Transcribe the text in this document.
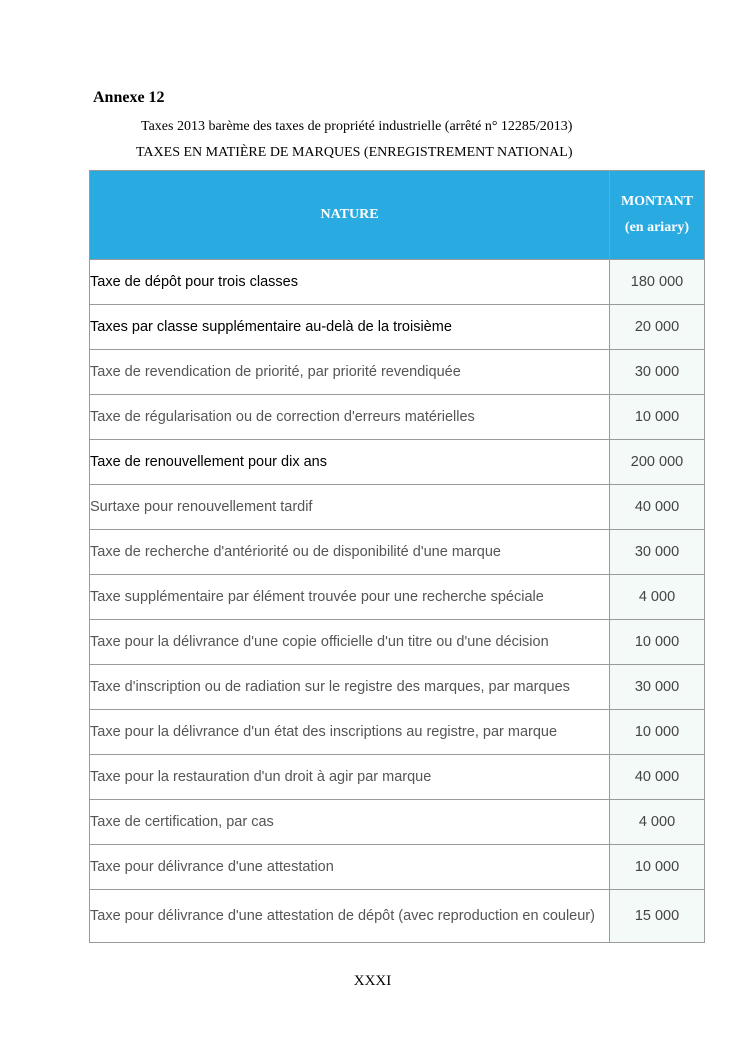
Annexe 12
Taxes 2013 barème des taxes de propriété industrielle (arrêté n° 12285/2013)
TAXES EN MATIÈRE DE MARQUES (ENREGISTREMENT NATIONAL)
NATURE	MONTANT
(en ariary)

Taxe de dépôt pour trois classes	180 000
Taxes par classe supplémentaire au-delà de la troisième	20 000
Taxe de revendication de priorité, par priorité revendiquée	30 000
Taxe de régularisation ou de correction d'erreurs matérielles	10 000
Taxe de renouvellement pour dix ans	200 000
Surtaxe pour renouvellement tardif	40 000
Taxe de recherche d'antériorité ou de disponibilité d'une marque	30 000
Taxe supplémentaire par élément trouvée pour une recherche spéciale	4 000
Taxe pour la délivrance d'une copie officielle d'un titre ou d'une décision	10 000
Taxe d'inscription ou de radiation sur le registre des marques, par marques	30 000
Taxe pour la délivrance d'un état des inscriptions au registre, par marque	10 000
Taxe pour la restauration d'un droit à agir par marque	40 000
Taxe de certification, par cas	4 000
Taxe pour délivrance d'une attestation	10 000
Taxe pour délivrance d'une attestation de dépôt (avec reproduction en couleur)	15 000
XXXI
